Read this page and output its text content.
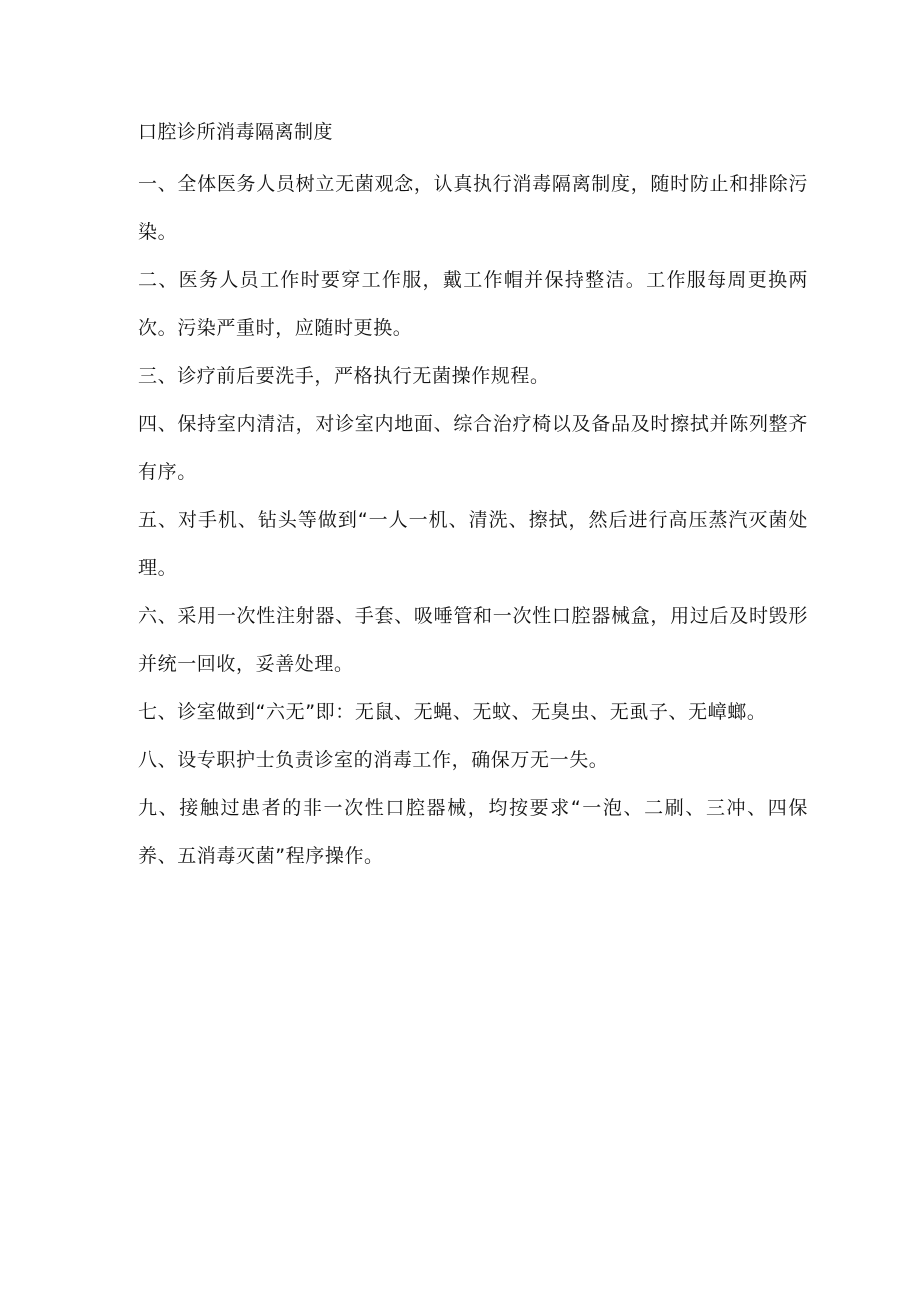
口腔诊所消毒隔离制度

一、全体医务人员树立无菌观念，认真执行消毒隔离制度，随时防止和排除污染。

二、医务人员工作时要穿工作服，戴工作帽并保持整洁。工作服每周更换两次。污染严重时，应随时更换。

三、诊疗前后要洗手，严格执行无菌操作规程。

四、保持室内清洁，对诊室内地面、综合治疗椅以及备品及时擦拭并陈列整齐有序。

五、对手机、钻头等做到“一人一机、清洗、擦拭，然后进行高压蒸汽灭菌处理。

六、采用一次性注射器、手套、吸唾管和一次性口腔器械盒，用过后及时毁形并统一回收，妥善处理。

七、诊室做到“六无”即：无鼠、无蝇、无蚊、无臭虫、无虱子、无嶂螂。

八、设专职护士负责诊室的消毒工作，确保万无一失。

九、接触过患者的非一次性口腔器械，均按要求“一泡、二刷、三冲、四保养、五消毒灭菌”程序操作。
